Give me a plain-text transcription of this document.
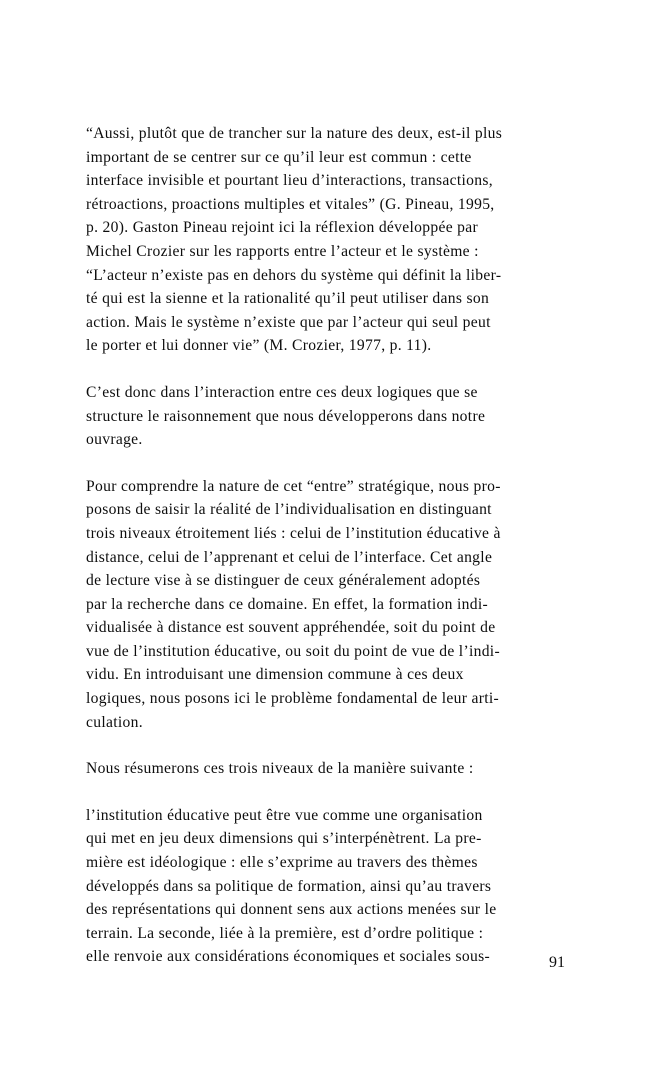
“Aussi, plutôt que de trancher sur la nature des deux, est-il plus
important de se centrer sur ce qu’il leur est commun : cette
interface invisible et pourtant lieu d’interactions, transactions,
rétroactions, proactions multiples et vitales” (G. Pineau, 1995,
p. 20). Gaston Pineau rejoint ici la réflexion développée par
Michel Crozier sur les rapports entre l’acteur et le système :
“L’acteur n’existe pas en dehors du système qui définit la liber-
té qui est la sienne et la rationalité qu’il peut utiliser dans son
action. Mais le système n’existe que par l’acteur qui seul peut
le porter et lui donner vie” (M. Crozier, 1977, p. 11).

C’est donc dans l’interaction entre ces deux logiques que se
structure le raisonnement que nous développerons dans notre
ouvrage.

Pour comprendre la nature de cet “entre” stratégique, nous pro-
posons de saisir la réalité de l’individualisation en distinguant
trois niveaux étroitement liés : celui de l’institution éducative à
distance, celui de l’apprenant et celui de l’interface. Cet angle
de lecture vise à se distinguer de ceux généralement adoptés
par la recherche dans ce domaine. En effet, la formation indi-
vidualisée à distance est souvent appréhendée, soit du point de
vue de l’institution éducative, ou soit du point de vue de l’indi-
vidu. En introduisant une dimension commune à ces deux
logiques, nous posons ici le problème fondamental de leur arti-
culation.

Nous résumerons ces trois niveaux de la manière suivante :

l’institution éducative peut être vue comme une organisation
qui met en jeu deux dimensions qui s’interpénètrent. La pre-
mière est idéologique : elle s’exprime au travers des thèmes
développés dans sa politique de formation, ainsi qu’au travers
des représentations qui donnent sens aux actions menées sur le
terrain. La seconde, liée à la première, est d’ordre politique :
elle renvoie aux considérations économiques et sociales sous-	91
